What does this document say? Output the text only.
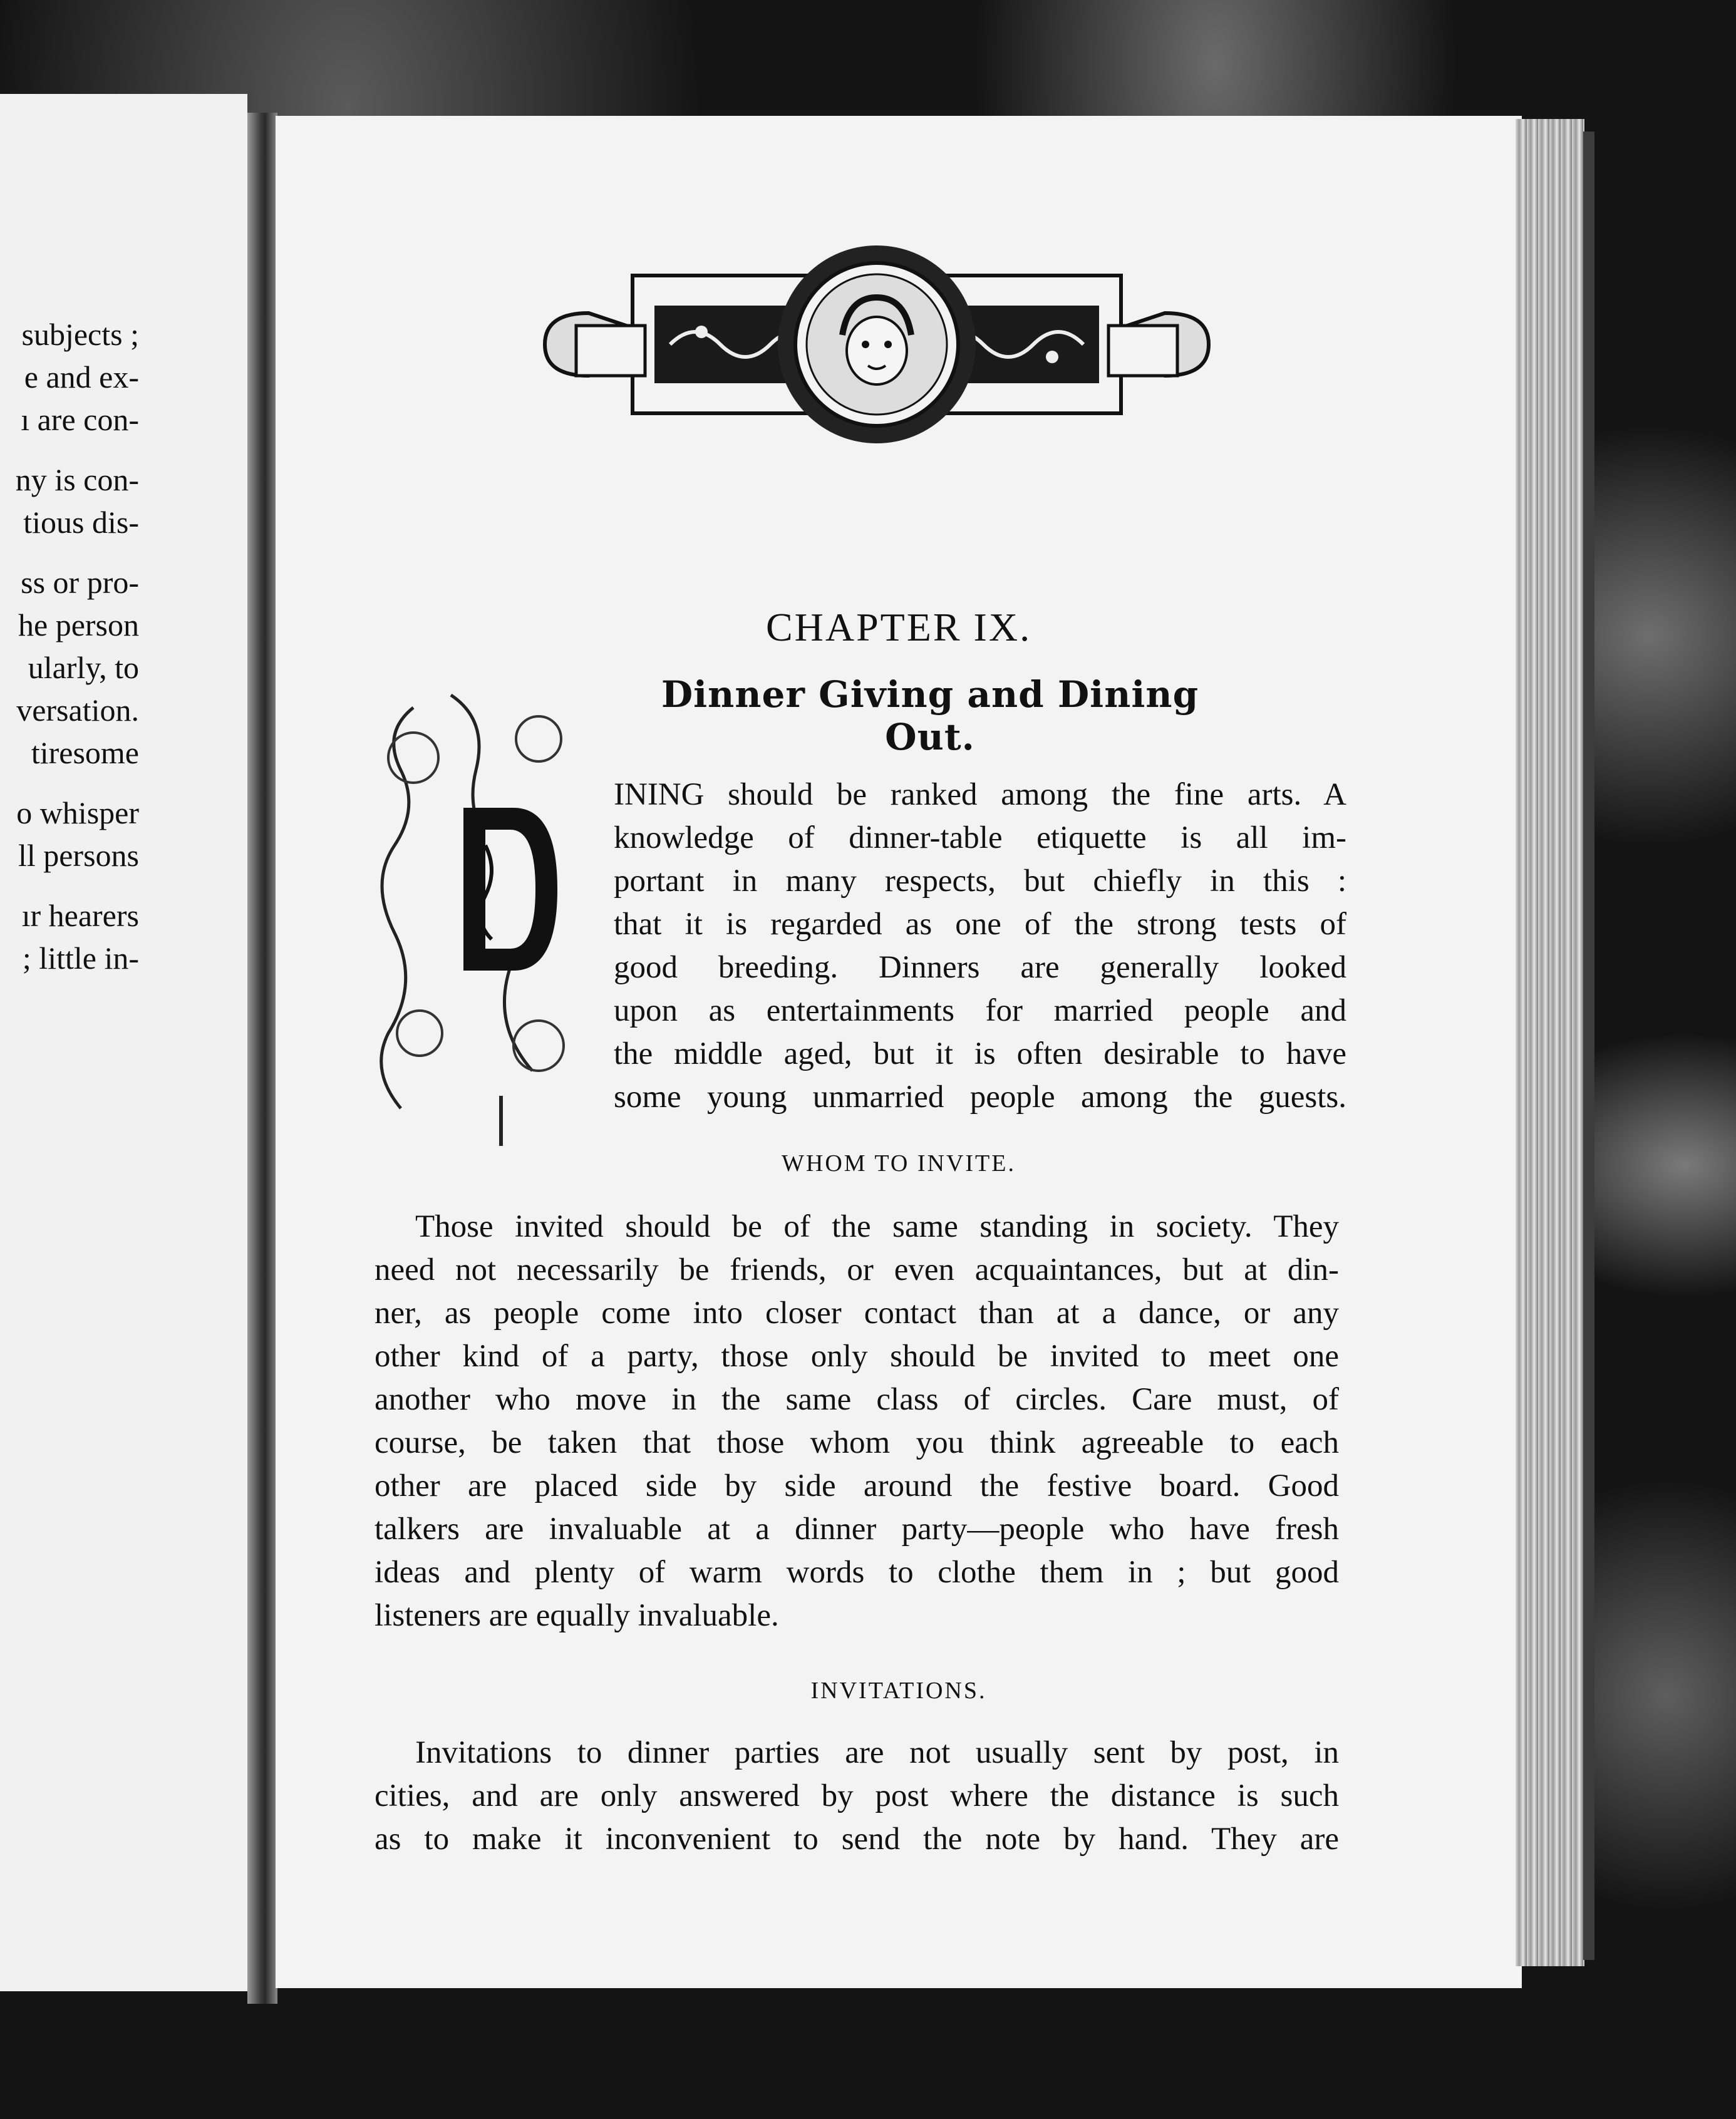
subjects ;
e and ex-
ı are con-
ny is con-
tious dis-
ss or pro-
he person
ularly, to
versation.
tiresome
o whisper
ll persons
ır hearers
; little in-
CHAPTER IX.
Dinner Giving and Dining Out.
INING should be ranked among the fine arts. A
knowledge of dinner-table etiquette is all im-
portant in many respects, but chiefly in this :
that it is regarded as one of the strong tests of
good breeding. Dinners are generally looked
upon as entertainments for married people and
the middle aged, but it is often desirable to have
some young unmarried people among the guests.
WHOM TO INVITE.
Those invited should be of the same standing in society. They
need not necessarily be friends, or even acquaintances, but at din-
ner, as people come into closer contact than at a dance, or any
other kind of a party, those only should be invited to meet one
another who move in the same class of circles. Care must, of
course, be taken that those whom you think agreeable to each
other are placed side by side around the festive board. Good
talkers are invaluable at a dinner party—people who have fresh
ideas and plenty of warm words to clothe them in ; but good
listeners are equally invaluable.
INVITATIONS.
Invitations to dinner parties are not usually sent by post, in
cities, and are only answered by post where the distance is such
as to make it inconvenient to send the note by hand. They are
